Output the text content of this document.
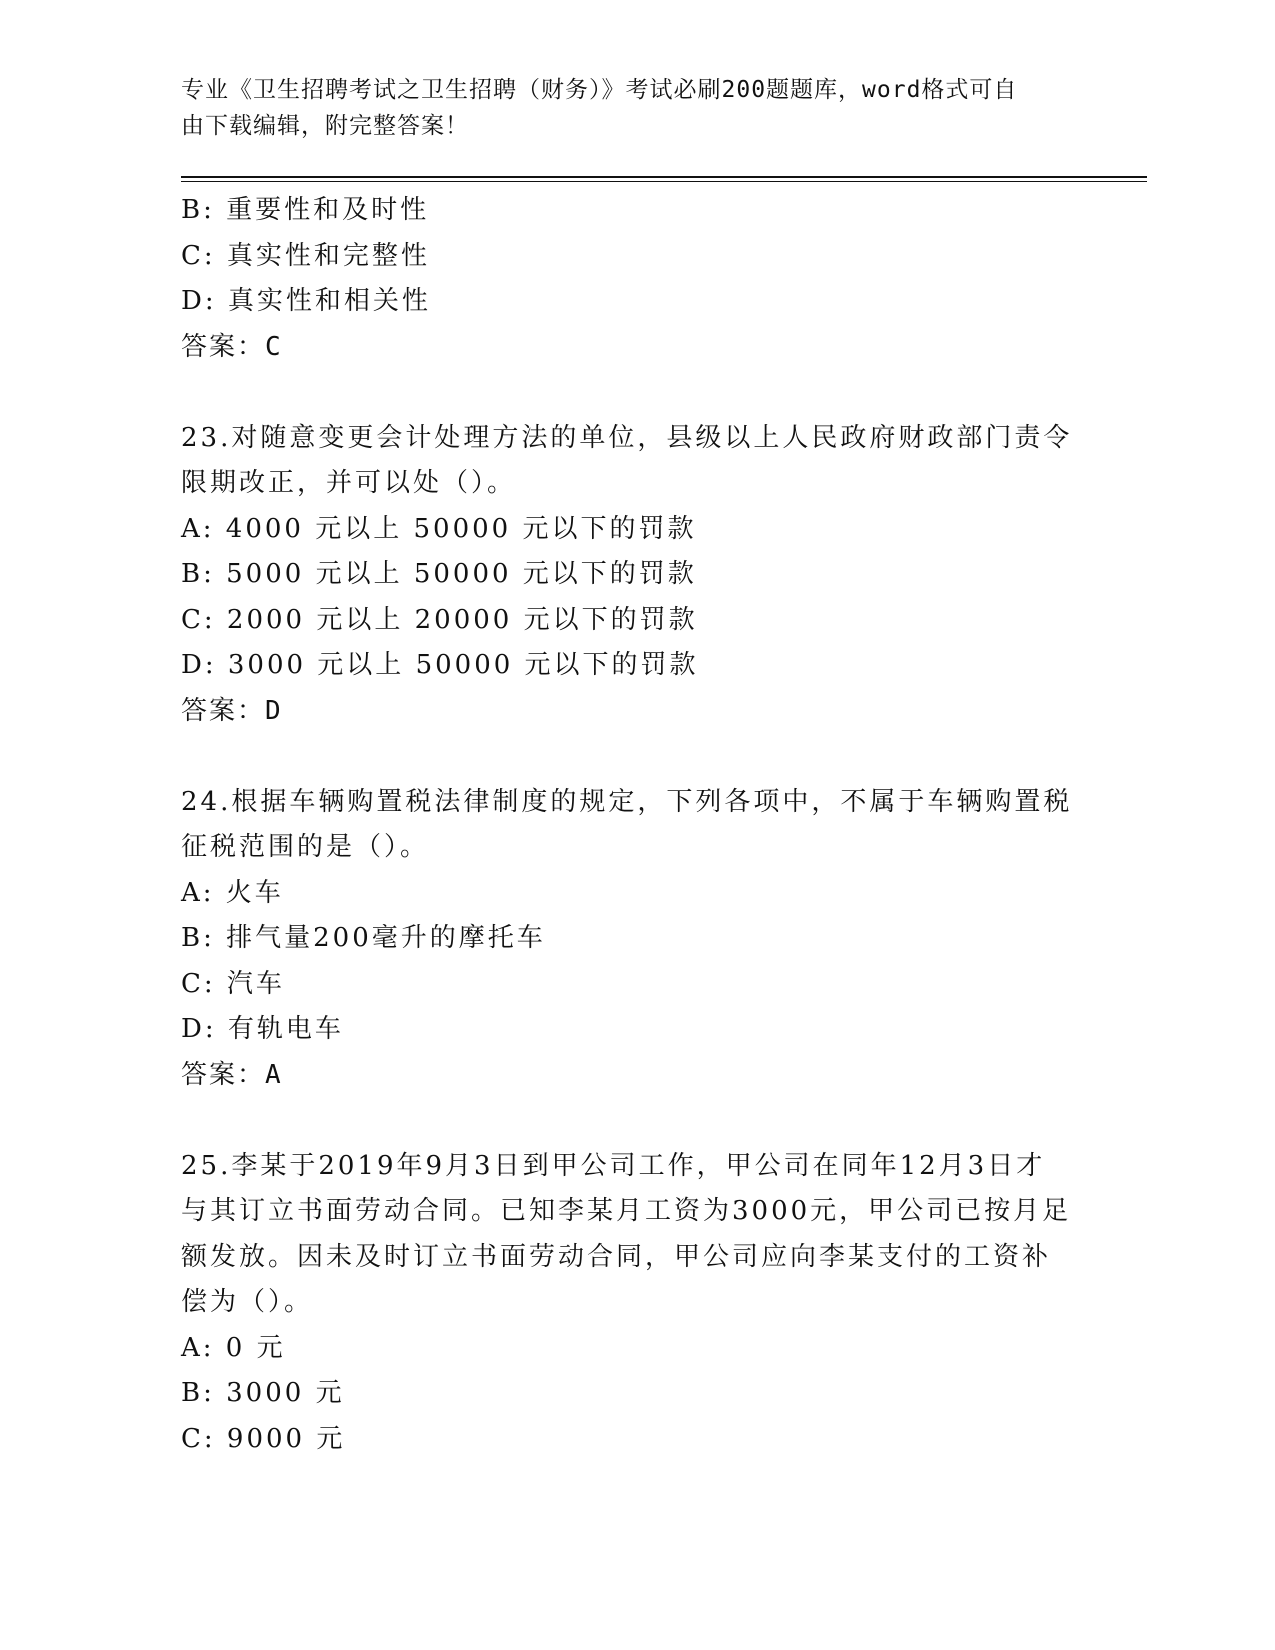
专业《卫生招聘考试之卫生招聘（财务）》考试必刷200题题库，word格式可自
由下载编辑，附完整答案！
B: 重要性和及时性
C: 真实性和完整性
D: 真实性和相关性
答案：C
23.对随意变更会计处理方法的单位，县级以上人民政府财政部门责令
限期改正，并可以处（）。
A: 4000 元以上 50000 元以下的罚款
B: 5000 元以上 50000 元以下的罚款
C: 2000 元以上 20000 元以下的罚款
D: 3000 元以上 50000 元以下的罚款
答案：D
24.根据车辆购置税法律制度的规定，下列各项中，不属于车辆购置税
征税范围的是（）。
A: 火车
B: 排气量200毫升的摩托车
C: 汽车
D: 有轨电车
答案：A
25.李某于2019年9月3日到甲公司工作，甲公司在同年12月3日才
与其订立书面劳动合同。已知李某月工资为3000元，甲公司已按月足
额发放。因未及时订立书面劳动合同，甲公司应向李某支付的工资补
偿为（）。
A: 0 元
B: 3000 元
C: 9000 元
